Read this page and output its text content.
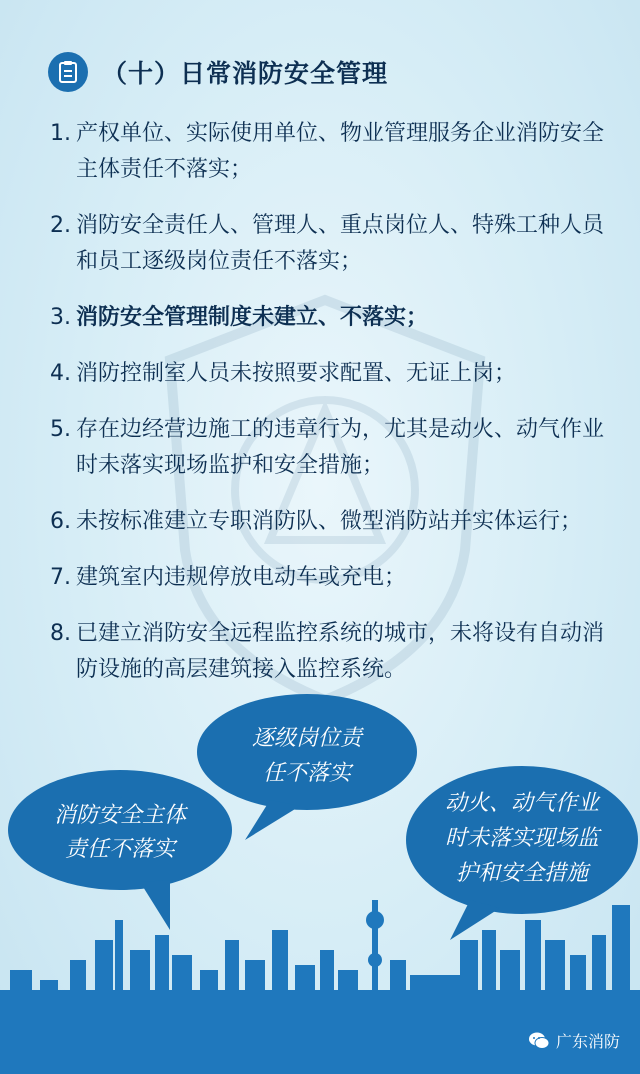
（十）日常消防安全管理
1. 产权单位、实际使用单位、物业管理服务企业消防安全主体责任不落实；
2. 消防安全责任人、管理人、重点岗位人、特殊工种人员和员工逐级岗位责任不落实；
3. 消防安全管理制度未建立、不落实；
4. 消防控制室人员未按照要求配置、无证上岗；
5. 存在边经营边施工的违章行为，尤其是动火、动气作业时未落实现场监护和安全措施；
6. 未按标准建立专职消防队、微型消防站并实体运行；
7. 建筑室内违规停放电动车或充电；
8. 已建立消防安全远程监控系统的城市，未将设有自动消防设施的高层建筑接入监控系统。
逐级岗位责
任不落实
消防安全主体
责任不落实
动火、动气作业
时未落实现场监
护和安全措施
广东消防
